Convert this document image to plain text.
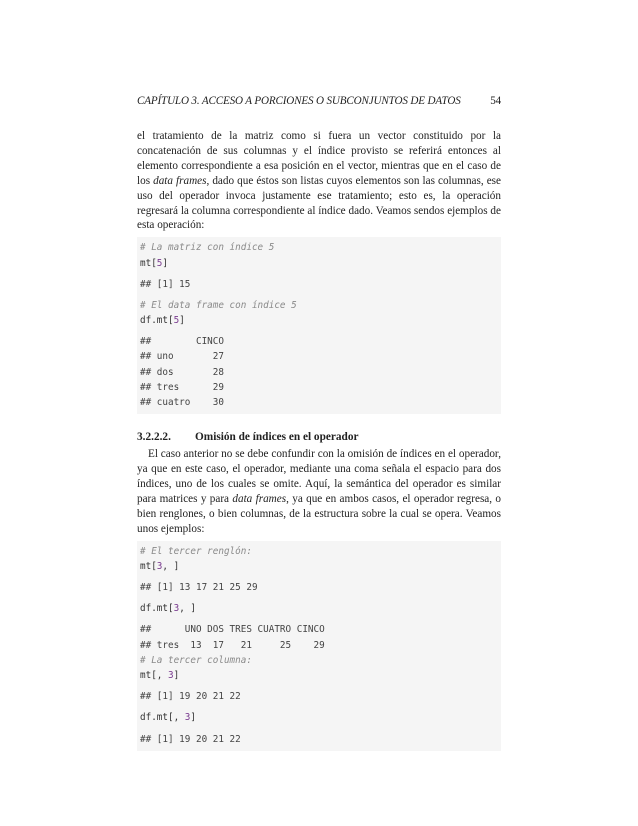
CAPÍTULO 3. ACCESO A PORCIONES O SUBCONJUNTOS DE DATOS	54

el tratamiento de la matriz como si fuera un vector constituido por la concatenación de sus columnas y el índice provisto se referirá entonces al elemento correspondiente a esa posición en el vector, mientras que en el caso de los data frames, dado que éstos son listas cuyos elementos son las columnas, ese uso del operador invoca justamente ese tratamiento; esto es, la operación regresará la columna correspondiente al índice dado. Veamos sendos ejemplos de esta operación:

# La matriz con índice 5
mt[5]
## [1] 15
# El data frame con índice 5
df.mt[5]
##        CINCO
## uno       27
## dos       28
## tres      29
## cuatro    30
3.2.2.2. Omisión de índices en el operador

El caso anterior no se debe confundir con la omisión de índices en el operador, ya que en este caso, el operador, mediante una coma señala el espacio para dos índices, uno de los cuales se omite. Aquí, la semántica del operador es similar para matrices y para data frames, ya que en ambos casos, el operador regresa, o bien renglones, o bien columnas, de la estructura sobre la cual se opera. Veamos unos ejemplos:

# El tercer renglón:
mt[3, ]
## [1] 13 17 21 25 29
df.mt[3, ]
##      UNO DOS TRES CUATRO CINCO
## tres  13  17   21     25    29
# La tercer columna:
mt[, 3]
## [1] 19 20 21 22
df.mt[, 3]
## [1] 19 20 21 22
